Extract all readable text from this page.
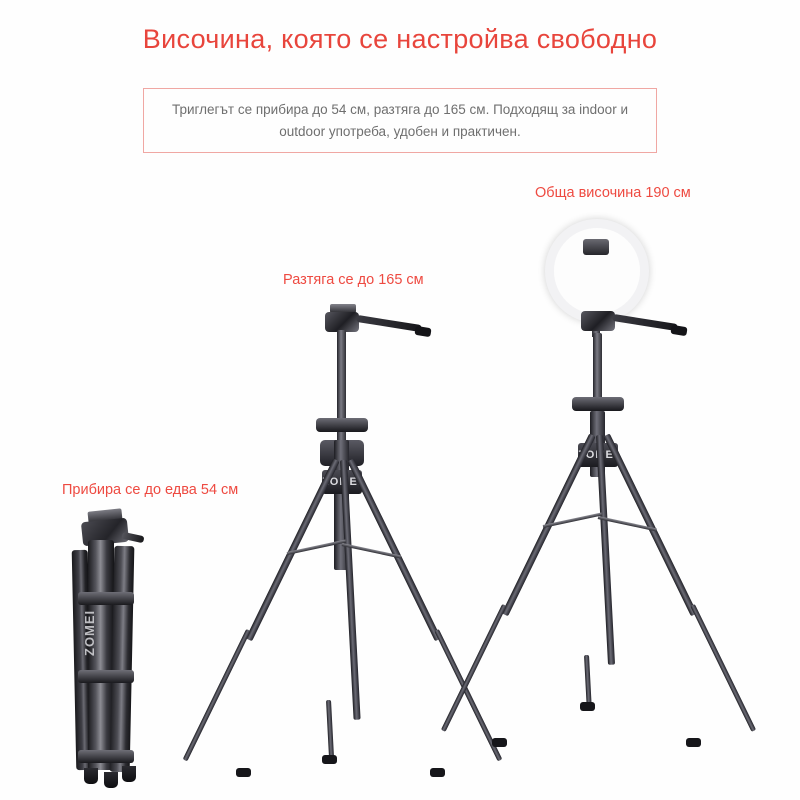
Височина, която се настройва свободно
Триглегът се прибира до 54 см, разтяга до 165 см. Подходящ за indoor и outdoor употреба, удобен и практичен.
Обща височина 190 см
Разтяга се до 165 см
Прибира се до едва 54 см
ZOMEI
